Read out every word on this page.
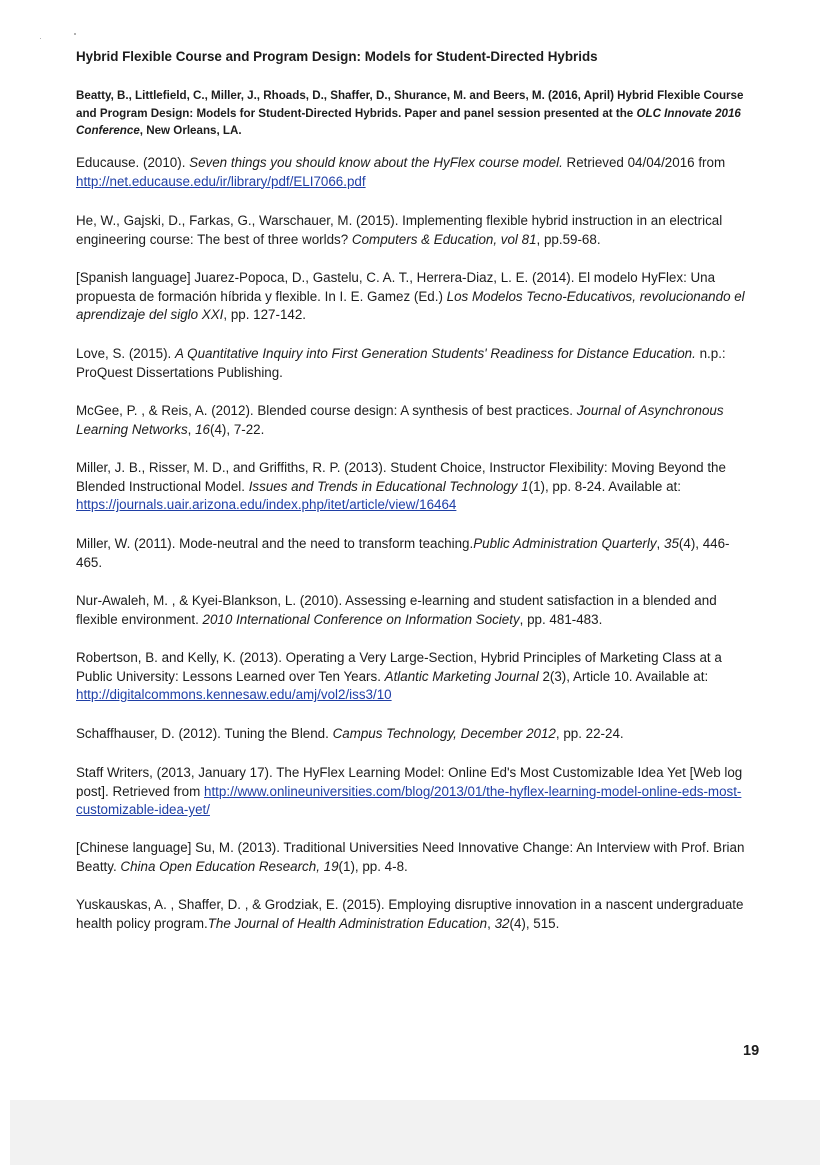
Hybrid Flexible Course and Program Design: Models for Student-Directed Hybrids
Beatty, B., Littlefield, C., Miller, J., Rhoads, D., Shaffer, D., Shurance, M. and Beers, M. (2016, April) Hybrid Flexible Course
and Program Design: Models for Student-Directed Hybrids. Paper and panel session presented at the OLC Innovate 2016
Conference, New Orleans, LA.
Educause. (2010). Seven things you should know about the HyFlex course model. Retrieved 04/04/2016 from
http://net.educause.edu/ir/library/pdf/ELI7066.pdf
He, W., Gajski, D., Farkas, G., Warschauer, M. (2015). Implementing flexible hybrid instruction in an electrical
engineering course: The best of three worlds? Computers & Education, vol 81, pp.59-68.
[Spanish language] Juarez-Popoca, D., Gastelu, C. A. T., Herrera-Diaz, L. E. (2014). El modelo HyFlex: Una
propuesta de formación híbrida y flexible. In I. E. Gamez (Ed.) Los Modelos Tecno-Educativos, revolucionando el
aprendizaje del siglo XXI, pp. 127-142.
Love, S. (2015). A Quantitative Inquiry into First Generation Students' Readiness for Distance Education. n.p.:
ProQuest Dissertations Publishing.
McGee, P. , & Reis, A. (2012). Blended course design: A synthesis of best practices. Journal of Asynchronous
Learning Networks, 16(4), 7-22.
Miller, J. B., Risser, M. D., and Griffiths, R. P. (2013). Student Choice, Instructor Flexibility: Moving Beyond the
Blended Instructional Model. Issues and Trends in Educational Technology 1(1), pp. 8-24. Available at:
https://journals.uair.arizona.edu/index.php/itet/article/view/16464
Miller, W. (2011). Mode-neutral and the need to transform teaching.Public Administration Quarterly, 35(4), 446-
465.
Nur-Awaleh, M. , & Kyei-Blankson, L. (2010). Assessing e-learning and student satisfaction in a blended and
flexible environment. 2010 International Conference on Information Society, pp. 481-483.
Robertson, B. and Kelly, K. (2013). Operating a Very Large-Section, Hybrid Principles of Marketing Class at a
Public University: Lessons Learned over Ten Years. Atlantic Marketing Journal 2(3), Article 10. Available at:
http://digitalcommons.kennesaw.edu/amj/vol2/iss3/10
Schaffhauser, D. (2012). Tuning the Blend. Campus Technology, December 2012, pp. 22-24.
Staff Writers, (2013, January 17). The HyFlex Learning Model: Online Ed's Most Customizable Idea Yet [Web log
post]. Retrieved from http://www.onlineuniversities.com/blog/2013/01/the-hyflex-learning-model-online-eds-most-
customizable-idea-yet/
[Chinese language] Su, M. (2013). Traditional Universities Need Innovative Change: An Interview with Prof. Brian
Beatty. China Open Education Research, 19(1), pp. 4-8.
Yuskauskas, A. , Shaffer, D. , & Grodziak, E. (2015). Employing disruptive innovation in a nascent undergraduate
health policy program.The Journal of Health Administration Education, 32(4), 515.
19
